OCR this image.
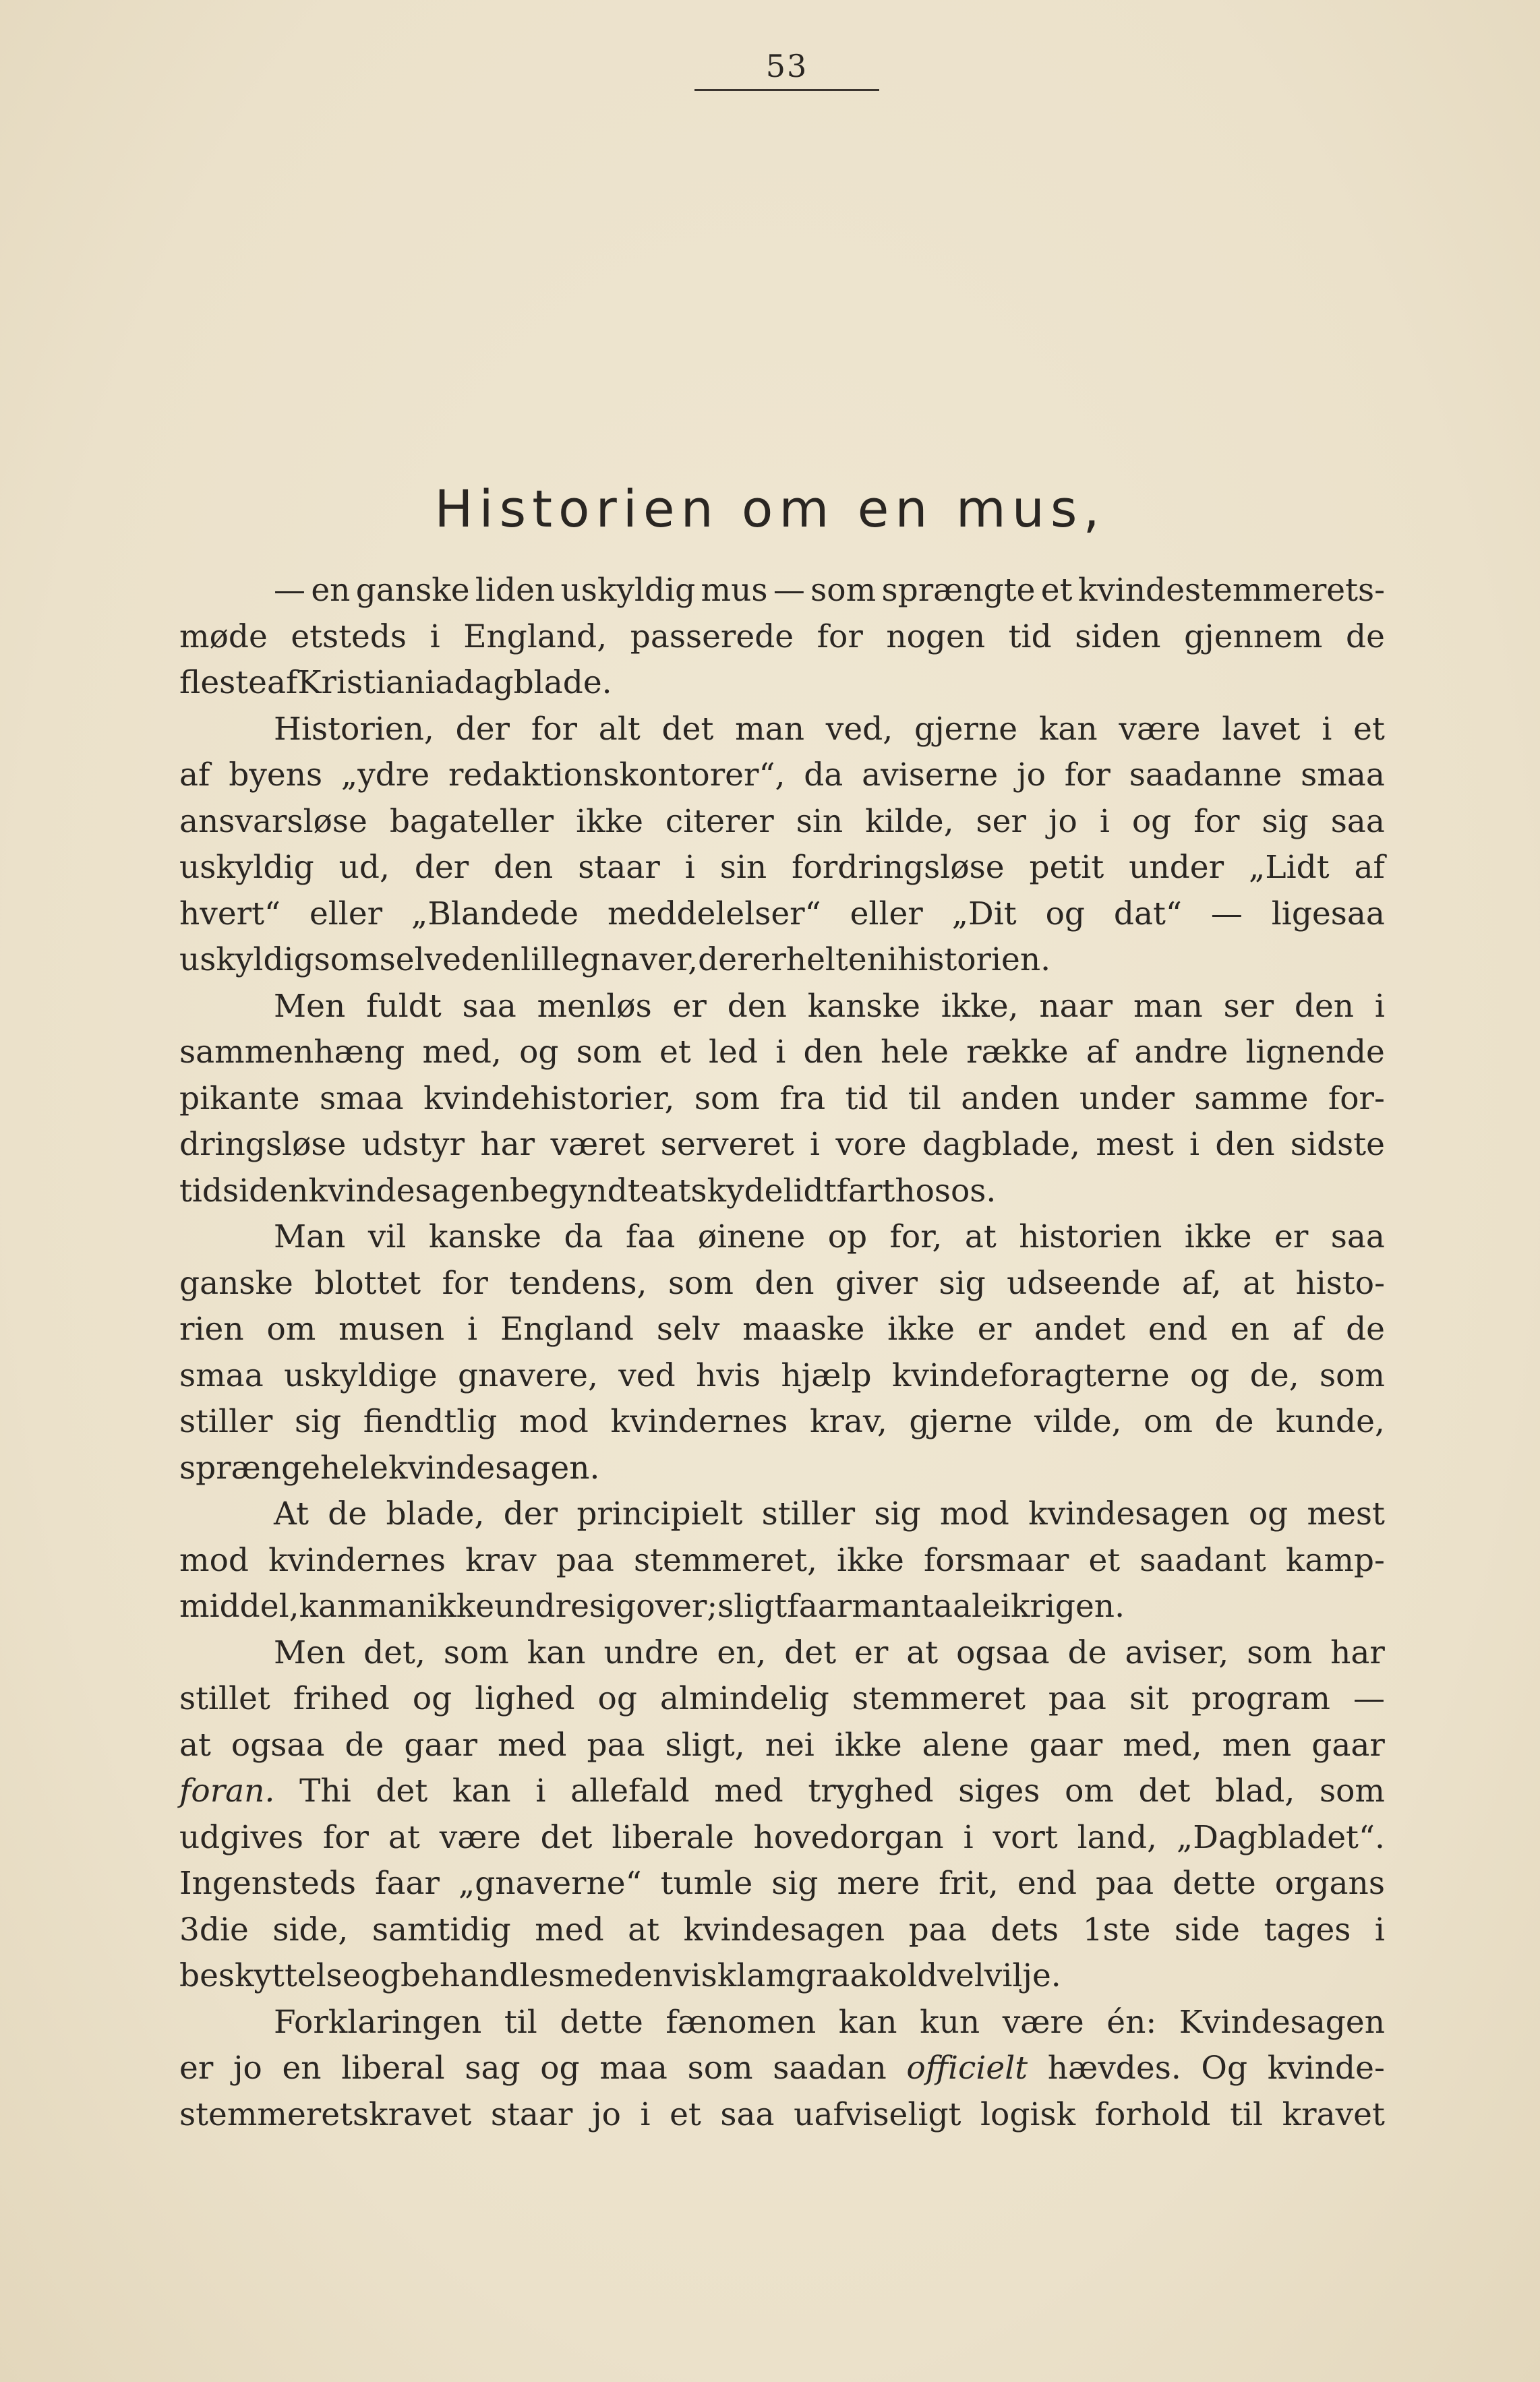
53
Historien om en mus,
— en ganske liden uskyldig mus — som sprængte et kvindestemmerets-
møde etsteds i England, passerede for nogen tid siden gjennem de
fleste af Kristiania dagblade.
Historien, der for alt det man ved, gjerne kan være lavet i et
af byens „ydre redaktionskontorer“, da aviserne jo for saadanne smaa
ansvarsløse bagateller ikke citerer sin kilde, ser jo i og for sig saa
uskyldig ud, der den staar i sin fordringsløse petit under „Lidt af
hvert“ eller „Blandede meddelelser“ eller „Dit og dat“ — ligesaa
uskyldig som selve den lille gnaver, der er helten i historien.
Men fuldt saa menløs er den kanske ikke, naar man ser den i
sammenhæng med, og som et led i den hele række af andre lignende
pikante smaa kvindehistorier, som fra tid til anden under samme for-
dringsløse udstyr har været serveret i vore dagblade, mest i den sidste
tid siden kvindesagen begyndte at skyde lidt fart hos os.
Man vil kanske da faa øinene op for, at historien ikke er saa
ganske blottet for tendens, som den giver sig udseende af, at histo-
rien om musen i England selv maaske ikke er andet end en af de
smaa uskyldige gnavere, ved hvis hjælp kvindeforagterne og de, som
stiller sig fiendtlig mod kvindernes krav, gjerne vilde, om de kunde,
sprænge hele kvindesagen.
At de blade, der principielt stiller sig mod kvindesagen og mest
mod kvindernes krav paa stemmeret, ikke forsmaar et saadant kamp-
middel, kan man ikke undre sig over; sligt faar man taale i krigen.
Men det, som kan undre en, det er at ogsaa de aviser, som har
stillet frihed og lighed og almindelig stemmeret paa sit program —
at ogsaa de gaar med paa sligt, nei ikke alene gaar med, men gaar
foran. Thi det kan i allefald med tryghed siges om det blad, som
udgives for at være det liberale hovedorgan i vort land, „Dagbladet“.
Ingensteds faar „gnaverne“ tumle sig mere frit, end paa dette organs
3die side, samtidig med at kvindesagen paa dets 1ste side tages i
beskyttelse og behandles med en vis klam graakold velvilje.
Forklaringen til dette fænomen kan kun være én: Kvindesagen
er jo en liberal sag og maa som saadan officielt hævdes. Og kvinde-
stemmeretskravet staar jo i et saa uafviseligt logisk forhold til kravet
